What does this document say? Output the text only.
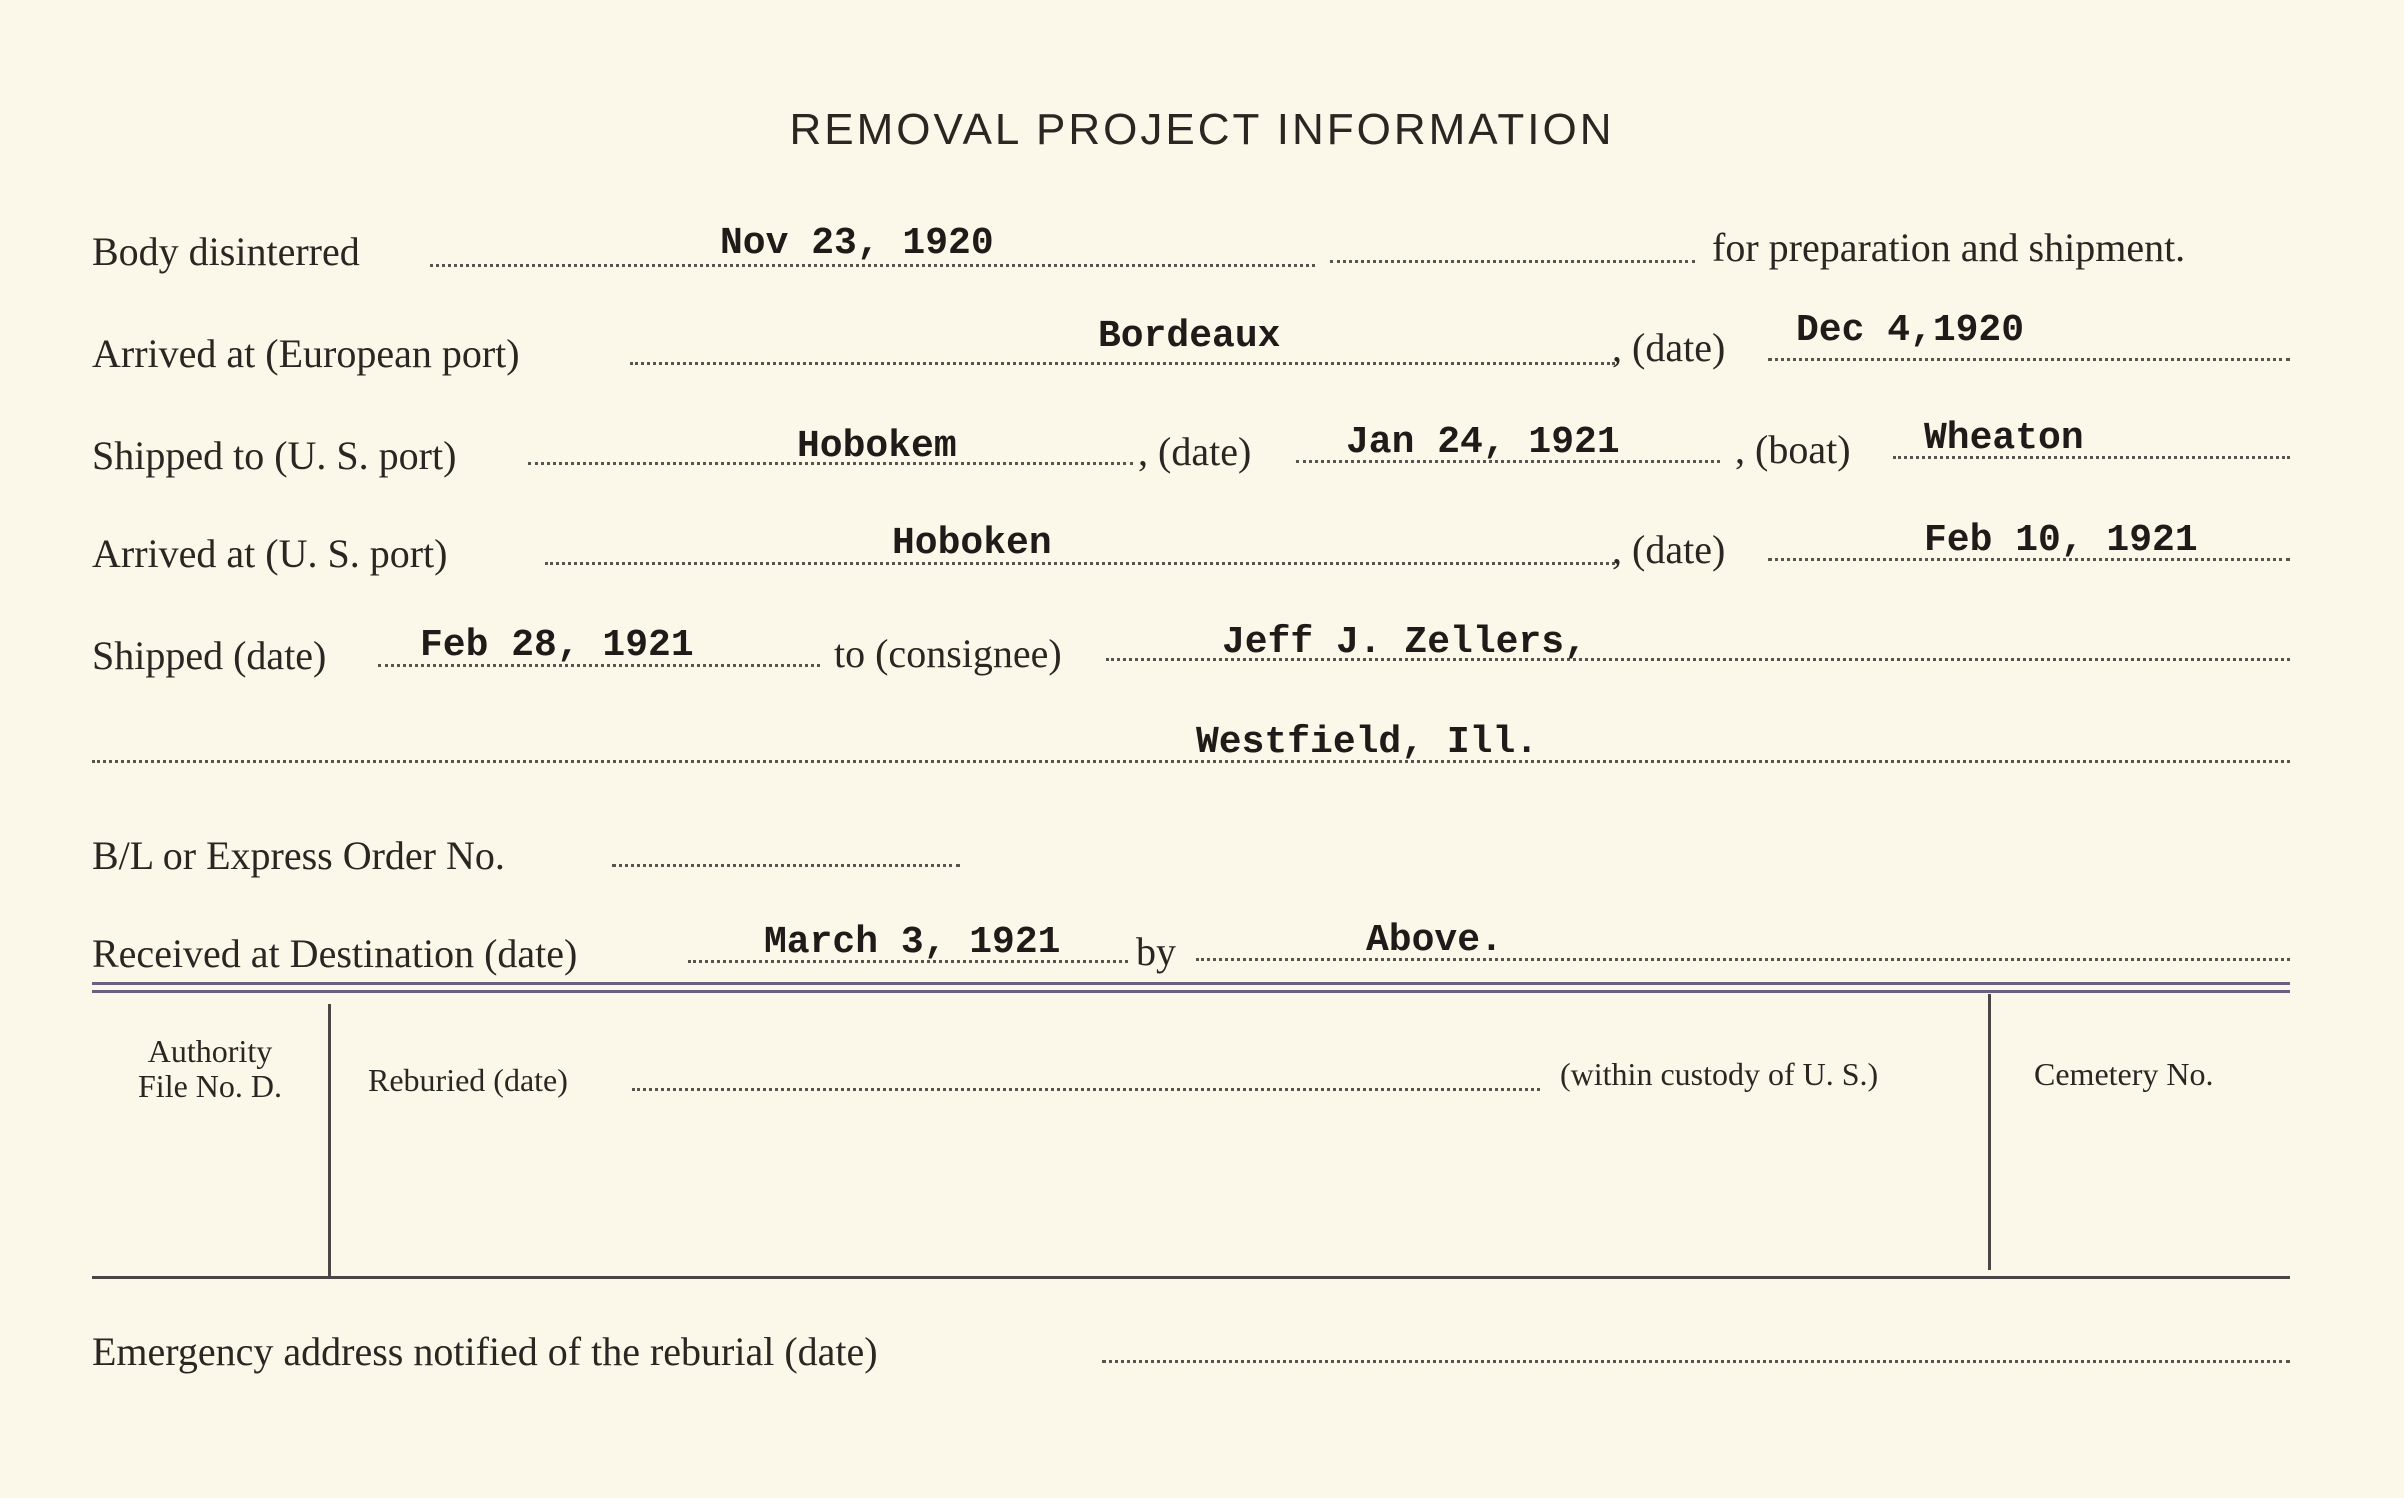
REMOVAL PROJECT INFORMATION
Body disinterred	Nov 23, 1920	for preparation and shipment.
Arrived at (European port)	Bordeaux	, (date) Dec 4,1920
Shipped to (U. S. port)	Hobokem	, (date) Jan 24, 1921	, (boat) Wheaton
Arrived at (U. S. port)	Hoboken	, (date)	Feb 10, 1921
Shipped (date) Feb 28, 1921	to (consignee)	Jeff J. Zellers,
Westfield, Ill.
B/L or Express Order No.
Received at Destination (date)	March 3, 1921 by	Above.
Authority
File No. D.	Reburied (date)	(within custody of U. S.)	Cemetery No.
Emergency address notified of the reburial (date)
